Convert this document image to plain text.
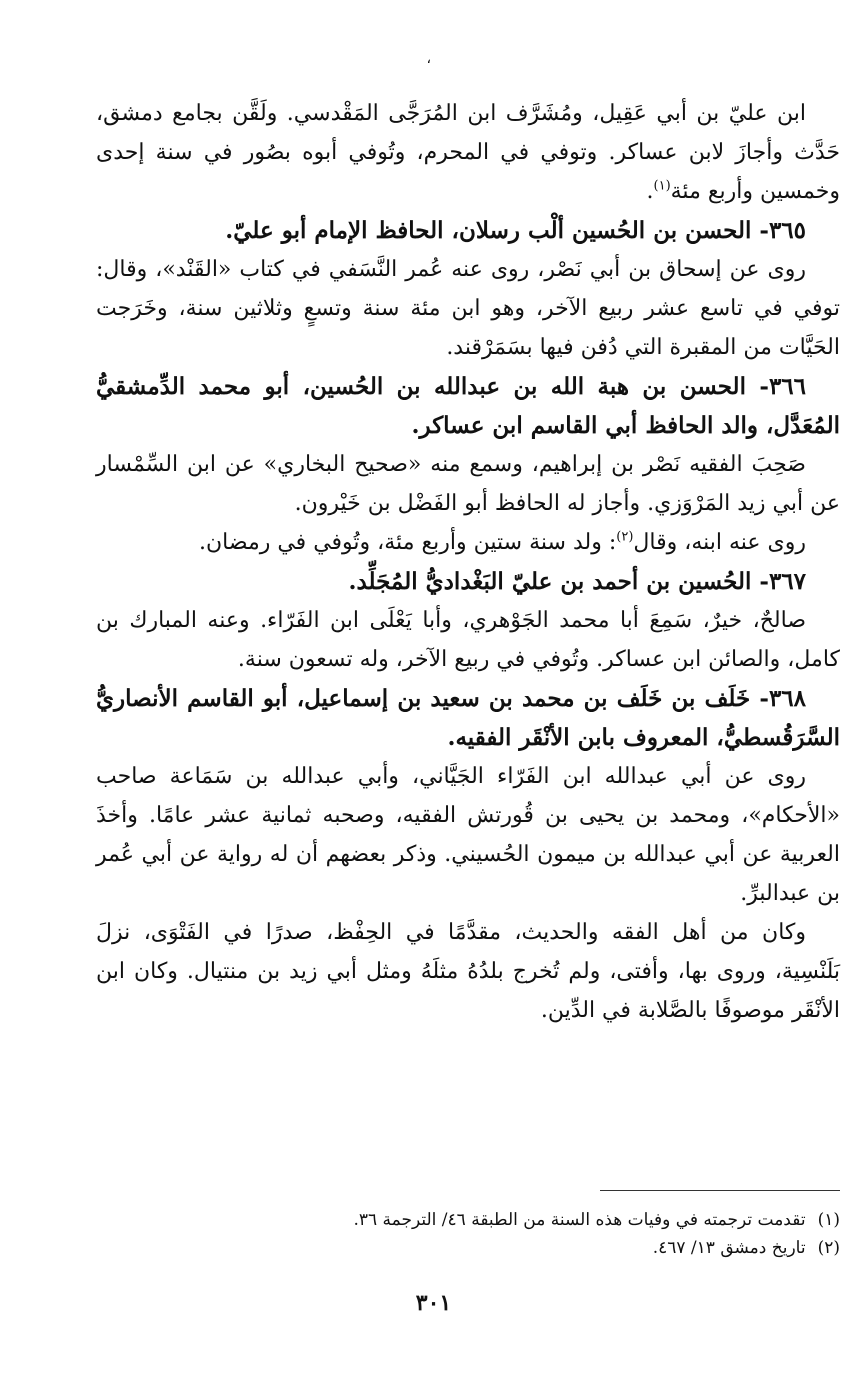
،

ابن عليّ بن أبي عَقِيل، ومُشَرَّف ابن المُرَجَّى المَقْدسي. ولَقَّن بجامع دمشق، حَدَّث وأجازَ لابن عساكر. وتوفي في المحرم، وتُوفي أبوه بصُور في سنة إحدى وخمسين وأربع مئة$^{(١)}$.

٣٦٥- الحسن بن الحُسين ألْب رسلان، الحافظ الإمام أبو عليّ.

روى عن إسحاق بن أبي نَصْر، روى عنه عُمر النَّسَفي في كتاب «القَنْد»، وقال: توفي في تاسع عشر ربيع الآخر، وهو ابن مئة سنة وتسعٍ وثلاثين سنة، وخَرَجت الحَيَّات من المقبرة التي دُفن فيها بسَمَرْقند.

٣٦٦- الحسن بن هبة الله بن عبدالله بن الحُسين، أبو محمد الدِّمشقيُّ المُعَدَّل، والد الحافظ أبي القاسم ابن عساكر.

صَحِبَ الفقيه نَصْر بن إبراهيم، وسمع منه «صحيح البخاري» عن ابن السِّمْسار عن أبي زيد المَرْوَزي. وأجاز له الحافظ أبو الفَضْل بن خَيْرون.

روى عنه ابنه، وقال$^{(٢)}$: ولد سنة ستين وأربع مئة، وتُوفي في رمضان.

٣٦٧- الحُسين بن أحمد بن عليّ البَغْداديُّ المُجَلِّد.

صالحٌ، خيرٌ، سَمِعَ أبا محمد الجَوْهري، وأبا يَعْلَى ابن الفَرّاء. وعنه المبارك بن كامل، والصائن ابن عساكر. وتُوفي في ربيع الآخر، وله تسعون سنة.

٣٦٨- خَلَف بن خَلَف بن محمد بن سعيد بن إسماعيل، أبو القاسم الأنصاريُّ السَّرَقُسطيُّ، المعروف بابن الأنْقَر الفقيه.

روى عن أبي عبدالله ابن الفَرّاء الجَيَّاني، وأبي عبدالله بن سَمَاعة صاحب «الأحكام»، ومحمد بن يحيى بن قُورتش الفقيه، وصحبه ثمانية عشر عامًا. وأخذَ العربية عن أبي عبدالله بن ميمون الحُسيني. وذكر بعضهم أن له رواية عن أبي عُمر بن عبدالبرِّ.

وكان من أهل الفقه والحديث، مقدَّمًا في الحِفْظ، صدرًا في الفَتْوَى، نزلَ بَلَنْسِية، وروى بها، وأفتى، ولم تُخرج بلدُهُ مثلَهُ ومثل أبي زيد بن منتيال. وكان ابن الأنْقَر موصوفًا بالصَّلابة في الدِّين.

(١)تقدمت ترجمته في وفيات هذه السنة من الطبقة ٤٦/ الترجمة ٣٦.

(٢)تاريخ دمشق ١٣/ ٤٦٧.

٣٠١
